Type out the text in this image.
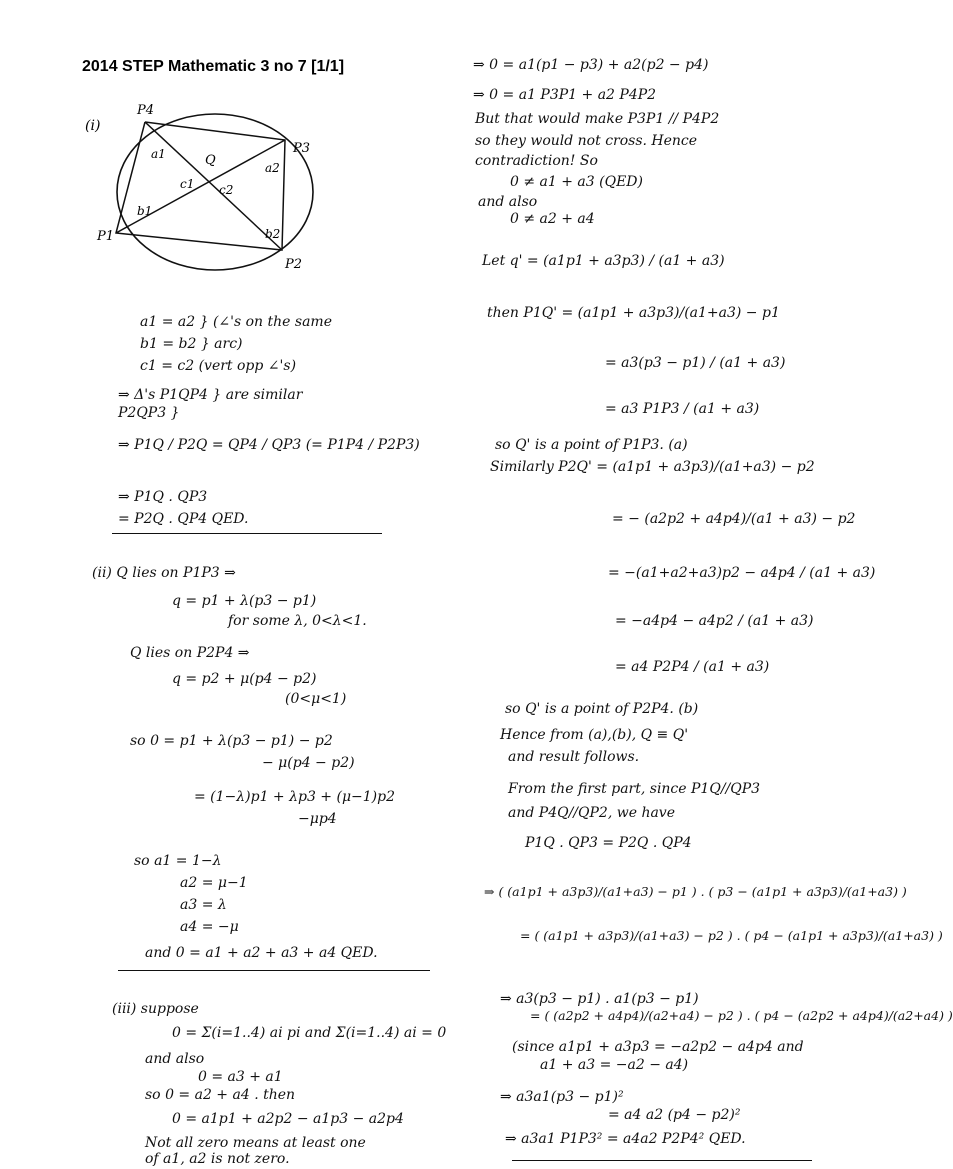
2014 STEP Mathematic 3 no 7 [1/1]
(i)
P4
P3
P1
P2
Q
a1
a2
b1
b2
c1 c2
a1 = a2 } (∠'s on the same
b1 = b2 } arc)
c1 = c2 (vert opp ∠'s)
⇒ Δ's P1QP4 } are similar
P2QP3 }
⇒ P1Q / P2Q = QP4 / QP3 (= P1P4 / P2P3)
⇒ P1Q . QP3
= P2Q . QP4 QED.
(ii) Q lies on P1P3 ⇒
q = p1 + λ(p3 − p1)
for some λ, 0<λ<1.
Q lies on P2P4 ⇒
q = p2 + μ(p4 − p2)
(0<μ<1)
so 0 = p1 + λ(p3 − p1) − p2
− μ(p4 − p2)
= (1−λ)p1 + λp3 + (μ−1)p2
−μp4
so a1 = 1−λ
a2 = μ−1
a3 = λ
a4 = −μ
and 0 = a1 + a2 + a3 + a4 QED.
(iii) suppose
0 = Σ(i=1..4) ai pi and Σ(i=1..4) ai = 0
and also
0 = a3 + a1
so 0 = a2 + a4 . then
0 = a1p1 + a2p2 − a1p3 − a2p4
Not all zero means at least one
of a1, a2 is not zero.
⇒ 0 = a1(p1 − p3) + a2(p2 − p4)
⇒ 0 = a1 P3P1 + a2 P4P2
But that would make P3P1 // P4P2
so they would not cross. Hence
contradiction! So
0 ≠ a1 + a3 (QED)
and also
0 ≠ a2 + a4
Let q' = (a1p1 + a3p3) / (a1 + a3)
then P1Q' = (a1p1 + a3p3)/(a1+a3) − p1
= a3(p3 − p1) / (a1 + a3)
= a3 P1P3 / (a1 + a3)
so Q' is a point of P1P3. (a)
Similarly P2Q' = (a1p1 + a3p3)/(a1+a3) − p2
= − (a2p2 + a4p4)/(a1 + a3) − p2
= −(a1+a2+a3)p2 − a4p4 / (a1 + a3)
= −a4p4 − a4p2 / (a1 + a3)
= a4 P2P4 / (a1 + a3)
so Q' is a point of P2P4. (b)
Hence from (a),(b), Q ≡ Q'
and result follows.
From the first part, since P1Q//QP3
and P4Q//QP2, we have
P1Q . QP3 = P2Q . QP4
⇒ ( (a1p1 + a3p3)/(a1+a3) − p1 ) . ( p3 − (a1p1 + a3p3)/(a1+a3) )
= ( (a1p1 + a3p3)/(a1+a3) − p2 ) . ( p4 − (a1p1 + a3p3)/(a1+a3) )
⇒ a3(p3 − p1) . a1(p3 − p1)
= ( (a2p2 + a4p4)/(a2+a4) − p2 ) . ( p4 − (a2p2 + a4p4)/(a2+a4) )
(since a1p1 + a3p3 = −a2p2 − a4p4 and
a1 + a3 = −a2 − a4)
⇒ a3a1(p3 − p1)²
= a4 a2 (p4 − p2)²
⇒ a3a1 P1P3² = a4a2 P2P4² QED.
